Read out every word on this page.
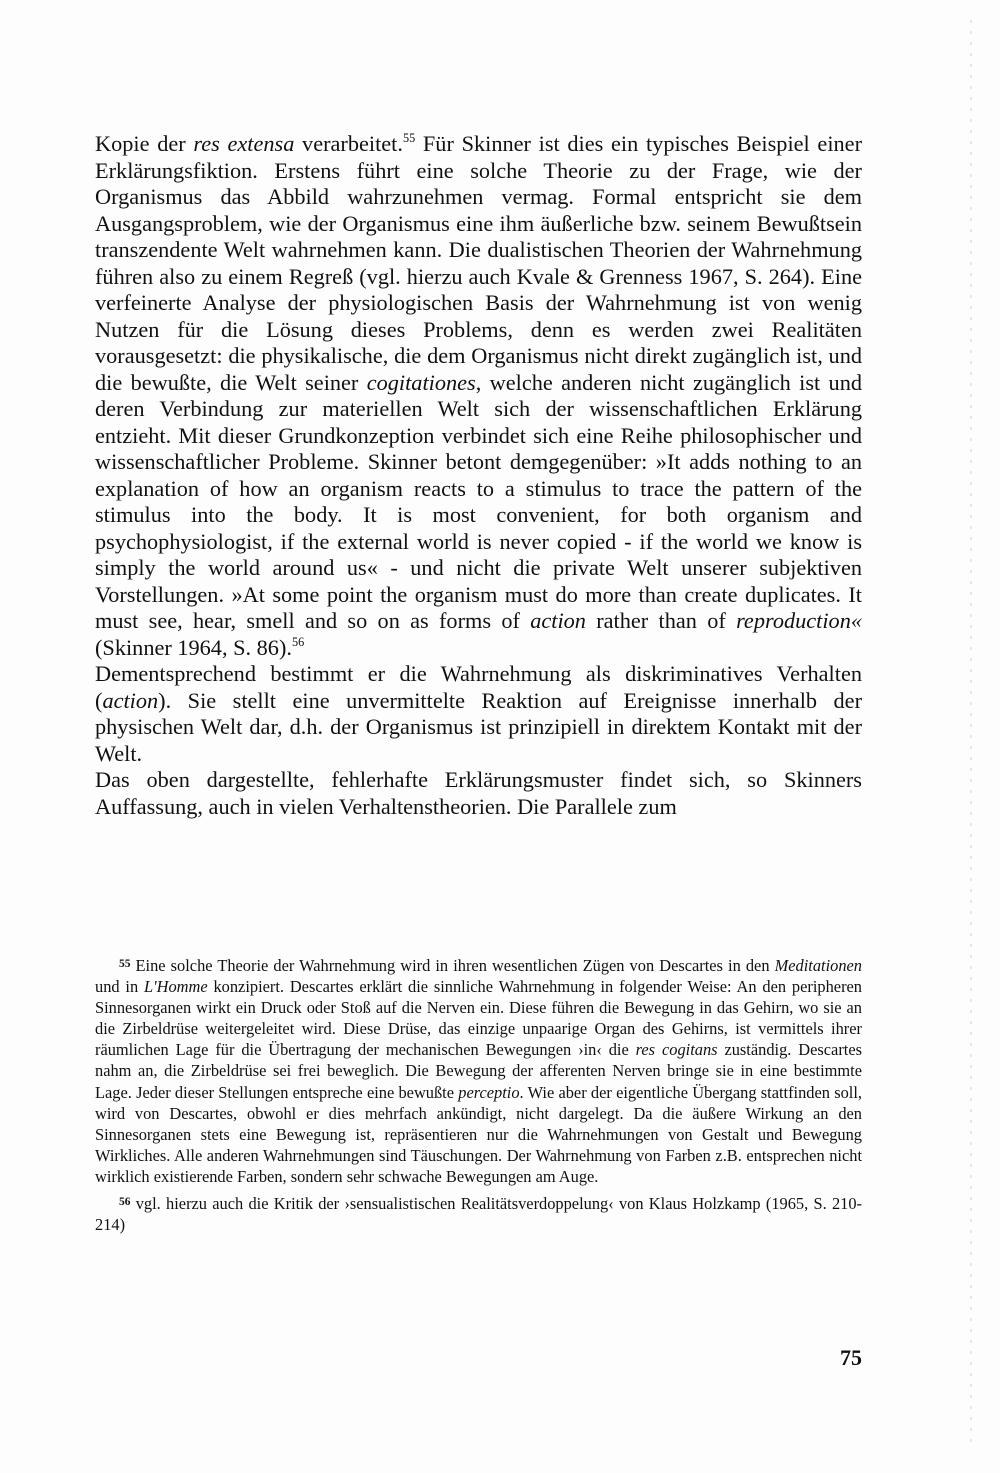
Kopie der res extensa verarbeitet.$^{55}$ Für Skinner ist dies ein typisches Beispiel einer Erklärungsfiktion. Erstens führt eine solche Theorie zu der Frage, wie der Organismus das Abbild wahrzunehmen vermag. Formal entspricht sie dem Ausgangsproblem, wie der Organismus eine ihm äußerliche bzw. seinem Bewußtsein transzendente Welt wahrnehmen kann. Die dualistischen Theorien der Wahrnehmung führen also zu einem Regreß (vgl. hierzu auch Kvale & Grenness 1967, S. 264). Eine verfeinerte Analyse der physiologischen Basis der Wahrnehmung ist von wenig Nutzen für die Lösung dieses Problems, denn es werden zwei Realitäten vorausgesetzt: die physikalische, die dem Organismus nicht direkt zugänglich ist, und die bewußte, die Welt seiner cogitationes, welche anderen nicht zugänglich ist und deren Verbindung zur materiellen Welt sich der wissenschaftlichen Erklärung entzieht. Mit dieser Grundkonzeption verbindet sich eine Reihe philosophischer und wissenschaftlicher Probleme. Skinner betont demgegenüber: »It adds nothing to an explanation of how an organism reacts to a stimulus to trace the pattern of the stimulus into the body. It is most convenient, for both organism and psychophysiologist, if the external world is never copied - if the world we know is simply the world around us« - und nicht die private Welt unserer subjektiven Vorstellungen. »At some point the organism must do more than create duplicates. It must see, hear, smell and so on as forms of action rather than of reproduction« (Skinner 1964, S. 86).$^{56}$

Dementsprechend bestimmt er die Wahrnehmung als diskriminatives Verhalten (action). Sie stellt eine unvermittelte Reaktion auf Ereignisse innerhalb der physischen Welt dar, d.h. der Organismus ist prinzipiell in direktem Kontakt mit der Welt.

Das oben dargestellte, fehlerhafte Erklärungsmuster findet sich, so Skinners Auffassung, auch in vielen Verhaltenstheorien. Die Parallele zum

$^{55}$ Eine solche Theorie der Wahrnehmung wird in ihren wesentlichen Zügen von Descartes in den Meditationen und in L'Homme konzipiert. Descartes erklärt die sinnliche Wahrnehmung in folgender Weise: An den peripheren Sinnesorganen wirkt ein Druck oder Stoß auf die Nerven ein. Diese führen die Bewegung in das Gehirn, wo sie an die Zirbeldrüse weitergeleitet wird. Diese Drüse, das einzige unpaarige Organ des Gehirns, ist vermittels ihrer räumlichen Lage für die Übertragung der mechanischen Bewegungen ›in‹ die res cogitans zuständig. Descartes nahm an, die Zirbeldrüse sei frei beweglich. Die Bewegung der afferenten Nerven bringe sie in eine bestimmte Lage. Jeder dieser Stellungen entspreche eine bewußte perceptio. Wie aber der eigentliche Übergang stattfinden soll, wird von Descartes, obwohl er dies mehrfach ankündigt, nicht dargelegt. Da die äußere Wirkung an den Sinnesorganen stets eine Bewegung ist, repräsentieren nur die Wahrnehmungen von Gestalt und Bewegung Wirkliches. Alle anderen Wahrnehmungen sind Täuschungen. Der Wahrnehmung von Farben z.B. entsprechen nicht wirklich existierende Farben, sondern sehr schwache Bewegungen am Auge.

$^{56}$ vgl. hierzu auch die Kritik der ›sensualistischen Realitätsverdoppelung‹ von Klaus Holzkamp (1965, S. 210-214)

75
